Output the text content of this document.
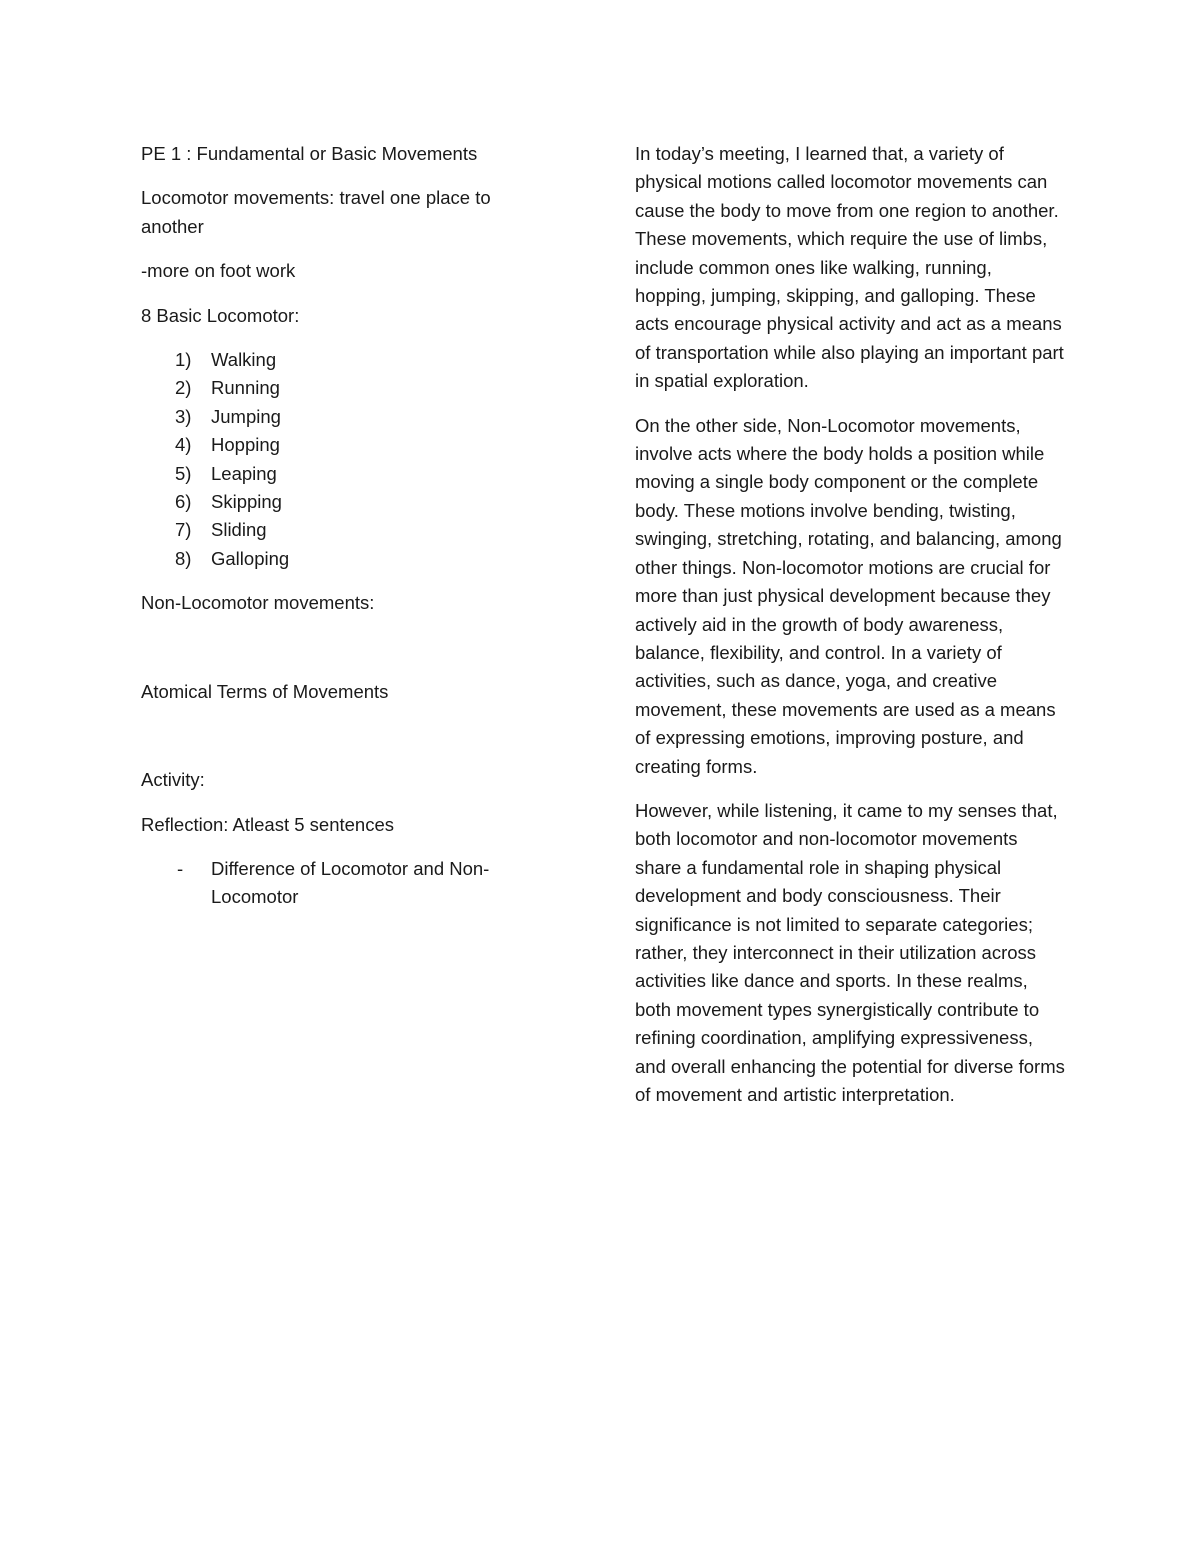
PE 1 : Fundamental or Basic Movements

Locomotor movements: travel one place to another

-more on foot work

8 Basic Locomotor:

1) Walking
2) Running
3) Jumping
4) Hopping
5) Leaping
6) Skipping
7) Sliding
8) Galloping

Non-Locomotor movements:

Atomical Terms of Movements

Activity:

Reflection: Atleast 5 sentences

- Difference of Locomotor and Non-Locomotor

In today’s meeting, I learned that, a variety of physical motions called locomotor movements can cause the body to move from one region to another. These movements, which require the use of limbs, include common ones like walking, running, hopping, jumping, skipping, and galloping. These acts encourage physical activity and act as a means of transportation while also playing an important part in spatial exploration.

On the other side, Non-Locomotor movements, involve acts where the body holds a position while moving a single body component or the complete body. These motions involve bending, twisting, swinging, stretching, rotating, and balancing, among other things. Non-locomotor motions are crucial for more than just physical development because they actively aid in the growth of body awareness, balance, flexibility, and control. In a variety of activities, such as dance, yoga, and creative movement, these movements are used as a means of expressing emotions, improving posture, and creating forms.

However, while listening, it came to my senses that, both locomotor and non-locomotor movements share a fundamental role in shaping physical development and body consciousness. Their significance is not limited to separate categories; rather, they interconnect in their utilization across activities like dance and sports. In these realms, both movement types synergistically contribute to refining coordination, amplifying expressiveness, and overall enhancing the potential for diverse forms of movement and artistic interpretation.
